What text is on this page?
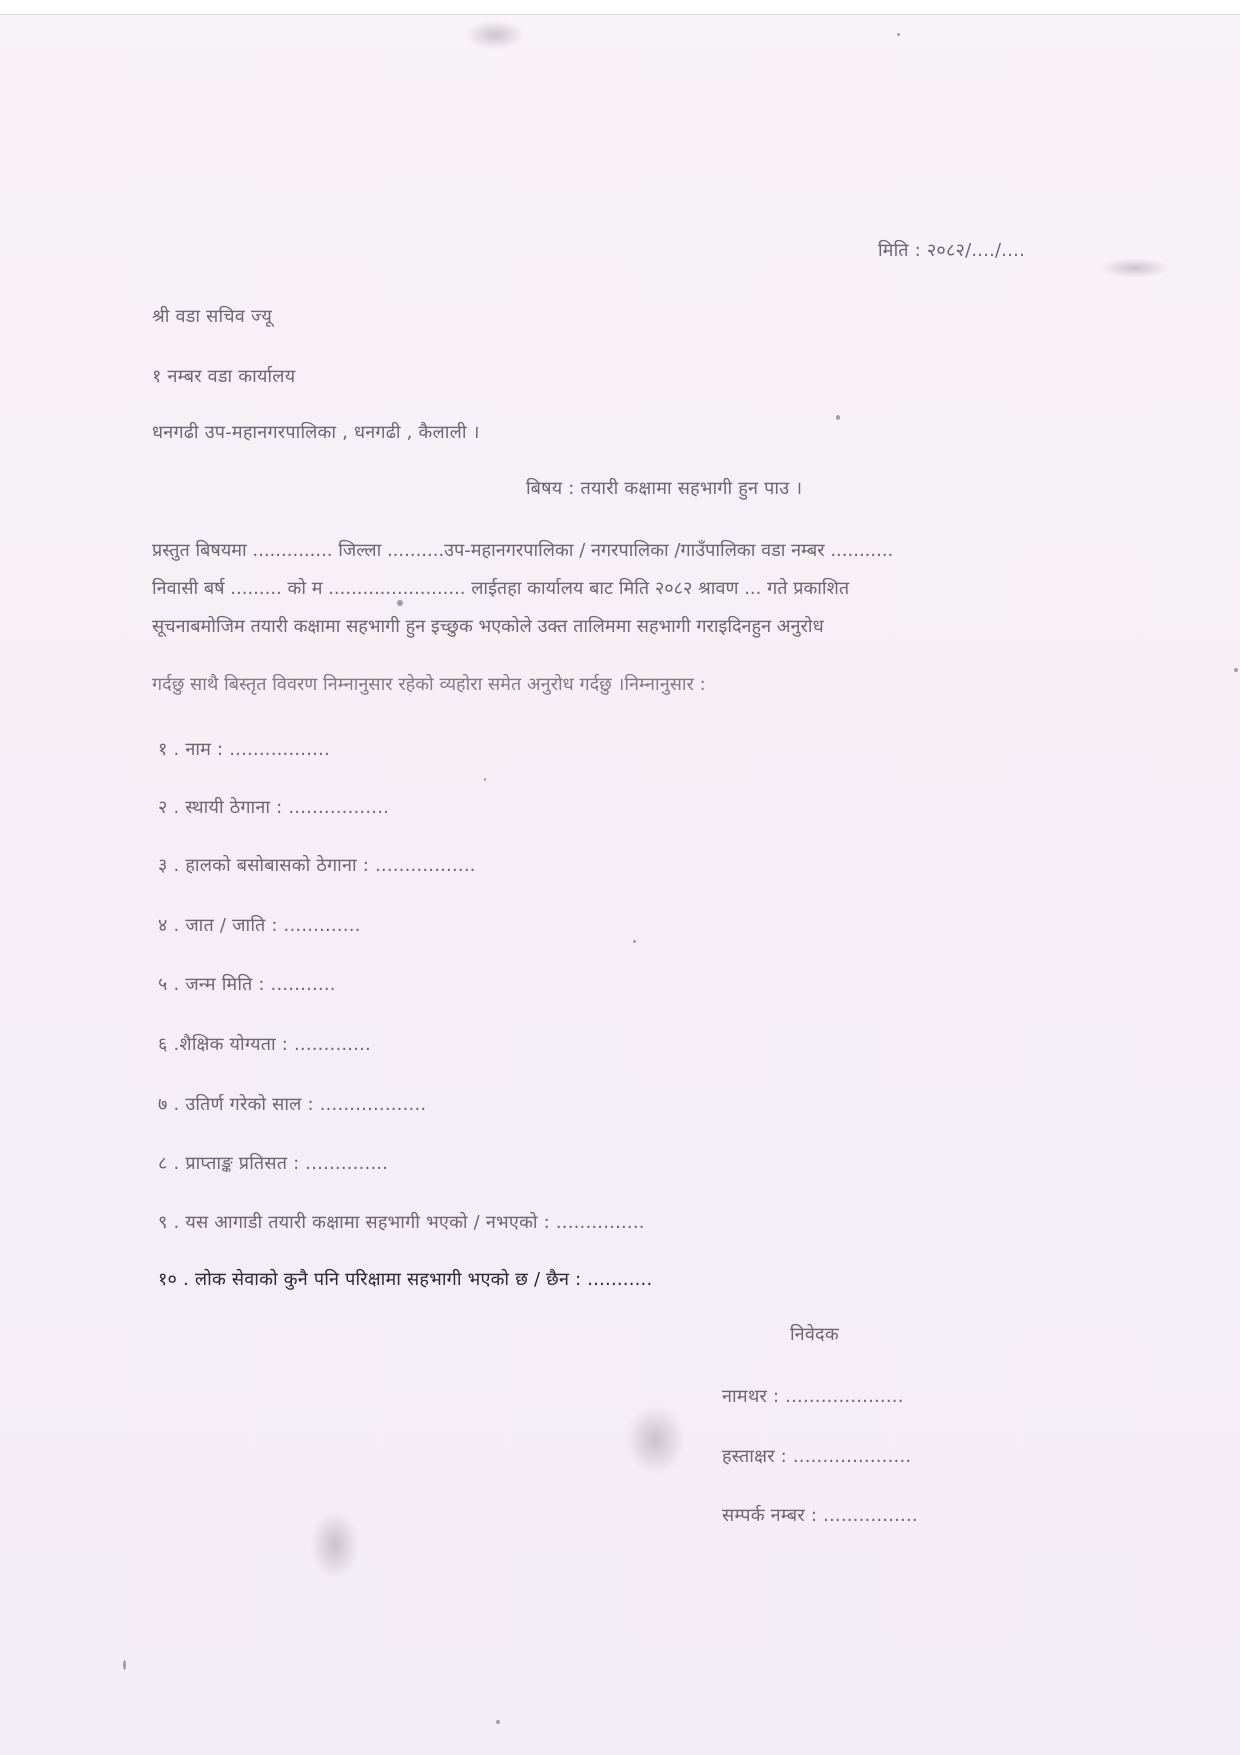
मिति : २०८२/..../....
श्री वडा सचिव ज्यू
१ नम्बर वडा कार्यालय
धनगढी उप-महानगरपालिका , धनगढी , कैलाली ।
बिषय : तयारी कक्षामा सहभागी हुन पाउ ।
प्रस्तुत बिषयमा .............. जिल्ला ..........उप-महानगरपालिका / नगरपालिका /गाउँपालिका वडा नम्बर ...........
निवासी बर्ष ......... को म ........................ लाईतहा कार्यालय बाट मिति २०८२ श्रावण ... गते प्रकाशित
सूचनाबमोजिम तयारी कक्षामा सहभागी हुन इच्छुक भएकोले उक्त तालिममा सहभागी गराइदिनहुन अनुरोध
गर्दछु साथै बिस्तृत विवरण निम्नानुसार रहेको व्यहोरा समेत अनुरोध गर्दछु ।निम्नानुसार :
१ . नाम : .................
२ . स्थायी ठेगाना : .................
३ . हालको बसोबासको ठेगाना : .................
४ . जात / जाति : .............
५ . जन्म मिति : ...........
६ .शैक्षिक योग्यता : .............
७ . उतिर्ण गरेको साल : ..................
८ . प्राप्ताङ्क प्रतिसत : ..............
९ . यस आगाडी तयारी कक्षामा सहभागी भएको / नभएको : ...............
१० . लोक सेवाको कुनै पनि परिक्षामा सहभागी भएको छ / छैन : ...........
निवेदक
नामथर : ....................
हस्ताक्षर : ....................
सम्पर्क नम्बर : ................
